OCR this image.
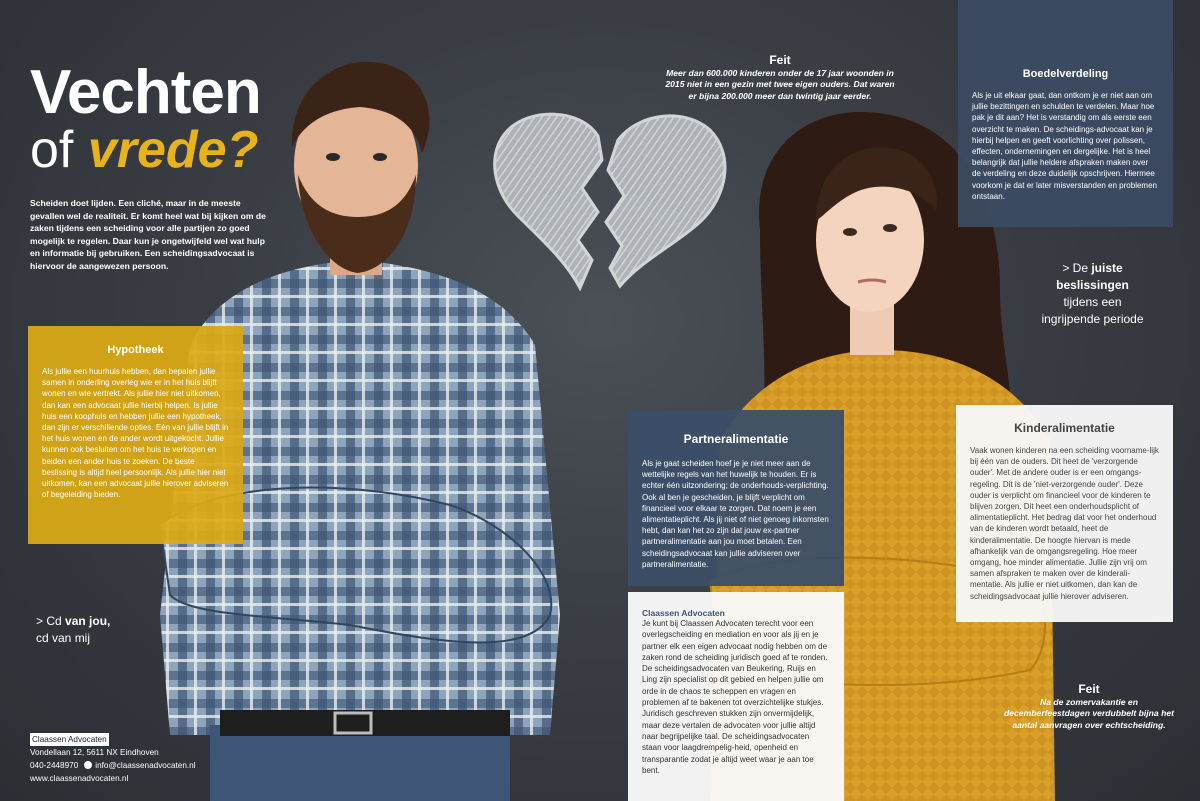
Vechten
of vrede?
Scheiden doet lijden. Een cliché, maar in de meeste gevallen wel de realiteit. Er komt heel wat bij kijken om de zaken tijdens een scheiding voor alle partijen zo goed mogelijk te regelen. Daar kun je ongetwijfeld wel wat hulp en informatie bij gebruiken. Een scheidingsadvocaat is hiervoor de aangewezen persoon.
Feit
Meer dan 600.000 kinderen onder de 17 jaar woonden in 2015 niet in een gezin met twee eigen ouders. Dat waren er bijna 200.000 meer dan twintig jaar eerder.
Boedelverdeling

Als je uit elkaar gaat, dan ontkom je er niet aan om jullie bezittingen en schulden te verdelen. Maar hoe pak je dit aan? Het is verstandig om als eerste een overzicht te maken. De scheidings-advocaat kan je hierbij helpen en geeft voorlichting over polissen, effecten, ondernemingen en dergelijke. Het is heel belangrijk dat jullie heldere afspraken maken over de verdeling en deze duidelijk opschrijven. Hiermee voorkom je dat er later misverstanden en problemen ontstaan.

> De juiste beslissingen
tijdens een
ingrijpende periode
Hypotheek

Als jullie een huurhuis hebben, dan bepalen jullie samen in onderling overleg wie er in het huis blijft wonen en wie vertrekt. Als jullie hier niet uitkomen, dan kan een advocaat jullie hierbij helpen. Is jullie huis een koophuis en hebben jullie een hypotheek, dan zijn er verschillende opties. Eén van jullie blijft in het huis wonen en de ander wordt uitgekocht. Jullie kunnen ook besluiten om het huis te verkopen en beiden een ander huis te zoeken. De beste beslissing is altijd heel persoonlijk. Als jullie hier niet uitkomen, kan een advocaat jullie hierover adviseren of begeleiding bieden.

Partneralimentatie

Als je gaat scheiden hoef je je niet meer aan de wettelijke regels van het huwelijk te houden. Er is echter één uitzondering; de onderhouds-verplichting. Ook al ben je gescheiden, je blijft verplicht om financieel voor elkaar te zorgen. Dat noem je een alimentatieplicht. Als jij niet of niet genoeg inkomsten hebt, dan kan het zo zijn dat jouw ex-partner partneralimentatie aan jou moet betalen. Een scheidingsadvocaat kan jullie adviseren over partneralimentatie.

Kinderalimentatie

Vaak wonen kinderen na een scheiding voorname-lijk bij één van de ouders. Dit heet de 'verzorgende ouder'. Met de andere ouder is er een omgangs-regeling. Dit is de 'niet-verzorgende ouder'. Deze ouder is verplicht om financieel voor de kinderen te blijven zorgen. Dit heet een onderhoudsplicht of alimentatieplicht. Het bedrag dat voor het onderhoud van de kinderen wordt betaald, heet de kinderalimentatie. De hoogte hiervan is mede afhankelijk van de omgangsregeling. Hoe meer omgang, hoe minder alimentatie. Jullie zijn vrij om samen afspraken te maken over de kinderali-mentatie. Als jullie er niet uitkomen, dan kan de scheidingsadvocaat jullie hierover adviseren.

Claassen Advocaten

Je kunt bij Claassen Advocaten terecht voor een overlegscheiding en mediation en voor als jij en je partner elk een eigen advocaat nodig hebben om de zaken rond de scheiding juridisch goed af te ronden. De scheidingsadvocaten van Beukering, Ruijs en Ling zijn specialist op dit gebied en helpen jullie om orde in de chaos te scheppen en vragen en problemen af te bakenen tot overzichtelijke stukjes. Juridisch geschreven stukken zijn onvermijdelijk, maar deze vertalen de advocaten voor jullie altijd naar begrijpelijke taal. De scheidingsadvocaten staan voor laagdrempelig-heid, openheid en transparantie zodat je altijd weet waar je aan toe bent.

> Cd van jou,
cd van mij
Feit
Na de zomervakantie en decemberfeestdagen verdubbelt bijna het aantal aanvragen over echtscheiding.
Claassen Advocaten
Vondellaan 12, 5611 NX Eindhoven
040-2448970 info@claassenadvocaten.nl
www.claassenadvocaten.nl
